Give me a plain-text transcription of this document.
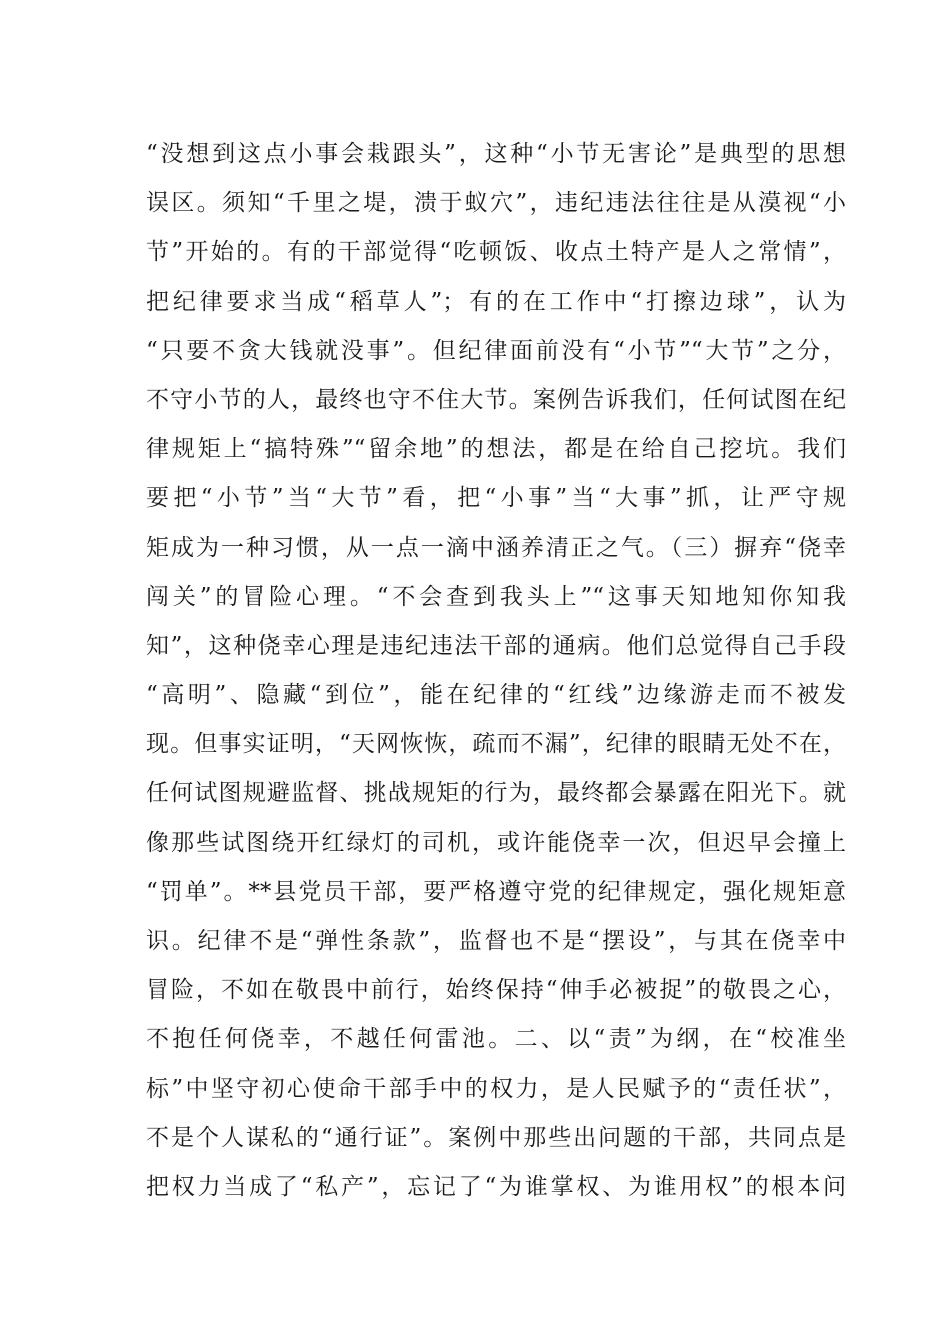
“没想到这点小事会栽跟头”，这种“小节无害论”是典型的思想
误区。须知“千里之堤，溃于蚁穴”，违纪违法往往是从漠视“小
节”开始的。有的干部觉得“吃顿饭、收点土特产是人之常情”，
把纪律要求当成“稻草人”；有的在工作中“打擦边球”，认为
“只要不贪大钱就没事”。但纪律面前没有“小节”“大节”之分，
不守小节的人，最终也守不住大节。案例告诉我们，任何试图在纪
律规矩上“搞特殊”“留余地”的想法，都是在给自己挖坑。我们
要把“小节”当“大节”看，把“小事”当“大事”抓，让严守规
矩成为一种习惯，从一点一滴中涵养清正之气。（三）摒弃“侥幸
闯关”的冒险心理。“不会查到我头上”“这事天知地知你知我
知”，这种侥幸心理是违纪违法干部的通病。他们总觉得自己手段
“高明”、隐藏“到位”，能在纪律的“红线”边缘游走而不被发
现。但事实证明，“天网恢恢，疏而不漏”，纪律的眼睛无处不在，
任何试图规避监督、挑战规矩的行为，最终都会暴露在阳光下。就
像那些试图绕开红绿灯的司机，或许能侥幸一次，但迟早会撞上
“罚单”。**县党员干部，要严格遵守党的纪律规定，强化规矩意
识。纪律不是“弹性条款”，监督也不是“摆设”，与其在侥幸中
冒险，不如在敬畏中前行，始终保持“伸手必被捉”的敬畏之心，
不抱任何侥幸，不越任何雷池。二、以“责”为纲，在“校准坐
标”中坚守初心使命干部手中的权力，是人民赋予的“责任状”，
不是个人谋私的“通行证”。案例中那些出问题的干部，共同点是
把权力当成了“私产”，忘记了“为谁掌权、为谁用权”的根本问
